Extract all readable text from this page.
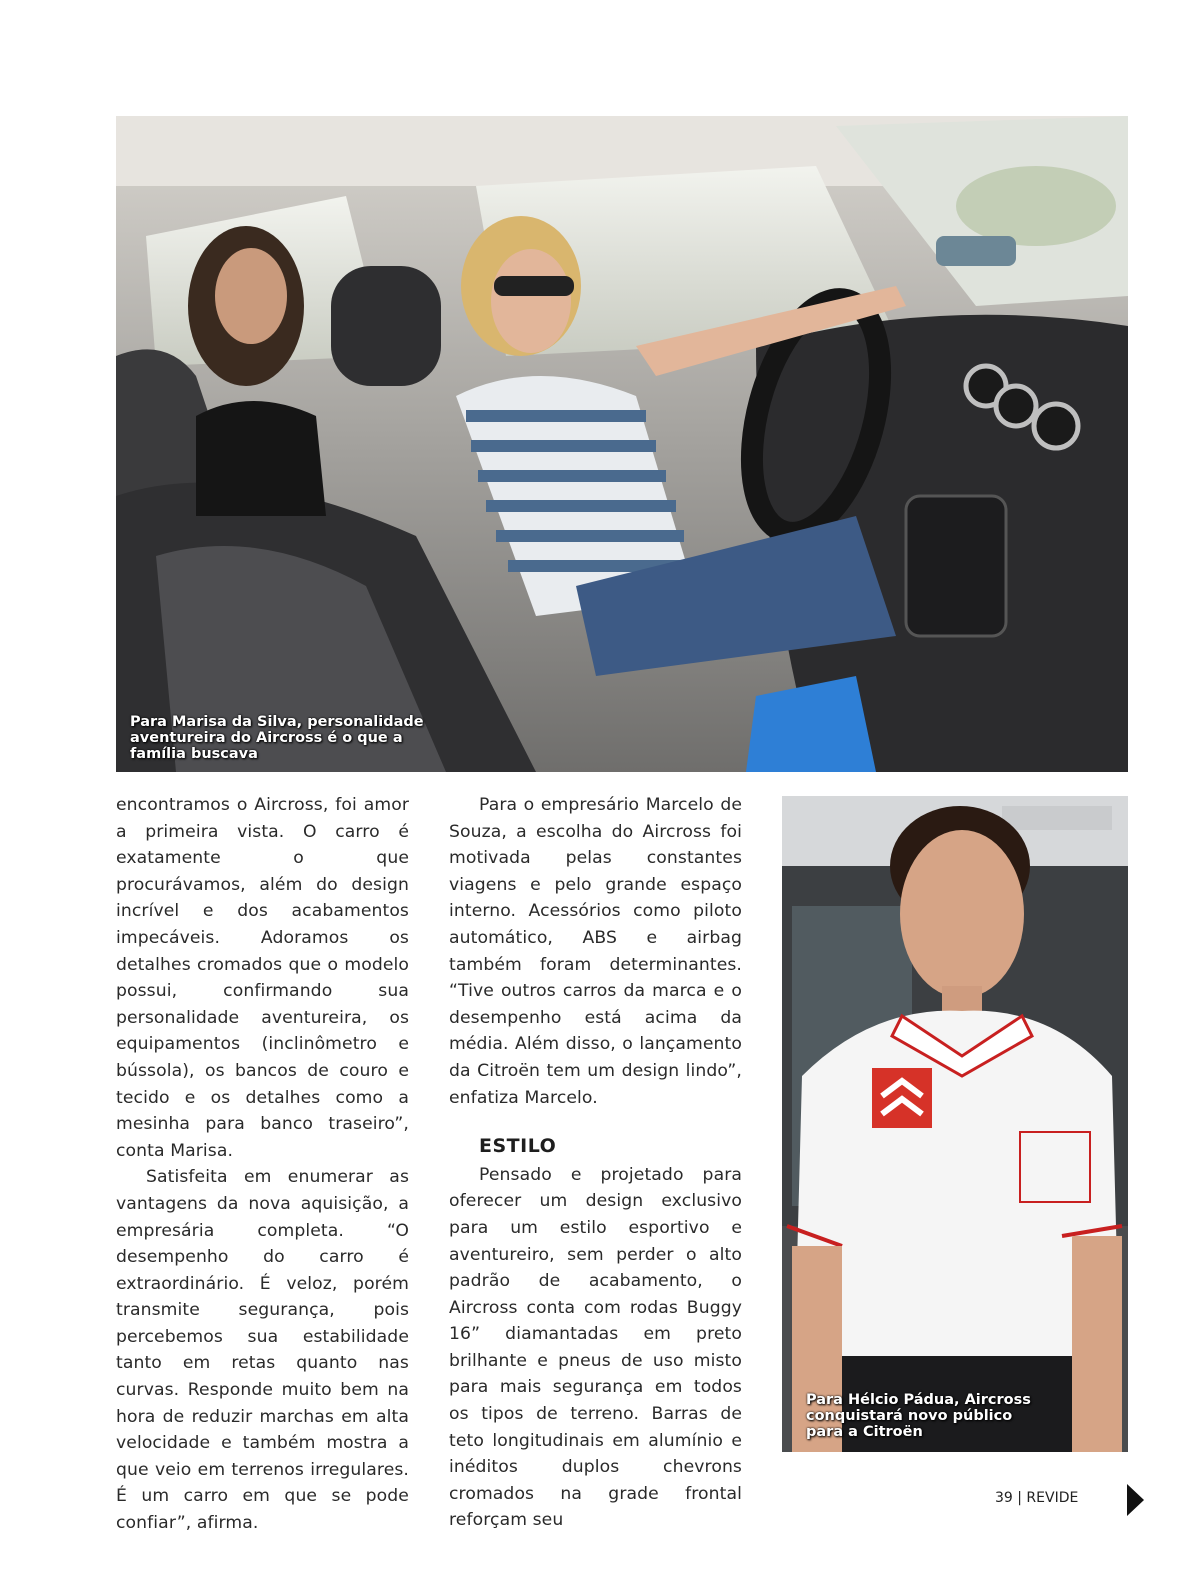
Para Marisa da Silva, personalidade
aventureira do Aircross é o que a
família buscava
Para Hélcio Pádua, Aircross
conquistará novo público
para a Citroën

encontramos o Aircross, foi amor a primeira vista. O carro é exatamente o que procurávamos, além do design incrível e dos acabamentos impecáveis. Adoramos os detalhes cromados que o modelo possui, confirmando sua personalidade aventureira, os equipamentos (inclinômetro e bússola), os bancos de couro e tecido e os detalhes como a mesinha para banco traseiro”, conta Marisa.

Satisfeita em enumerar as vantagens da nova aquisição, a empresária completa. “O desempenho do carro é extraordinário. É veloz, porém transmite segurança, pois percebemos sua estabilidade tanto em retas quanto nas curvas. Responde muito bem na hora de reduzir marchas em alta velocidade e também mostra a que veio em terrenos irregulares. É um carro em que se pode confiar”, afirma.

Para o empresário Marcelo de Souza, a escolha do Aircross foi motivada pelas constantes viagens e pelo grande espaço interno. Acessórios como piloto automático, ABS e airbag também foram determinantes. “Tive outros carros da marca e o desempenho está acima da média. Além disso, o lançamento da Citroën tem um design lindo”, enfatiza Marcelo.

ESTILO

Pensado e projetado para oferecer um design exclusivo para um estilo esportivo e aventureiro, sem perder o alto padrão de acabamento, o Aircross conta com rodas Buggy 16” diamantadas em preto brilhante e pneus de uso misto para mais segurança em todos os tipos de terreno. Barras de teto longitudinais em alumínio e inéditos duplos chevrons cromados na grade frontal reforçam seu

39 | REVIDE
